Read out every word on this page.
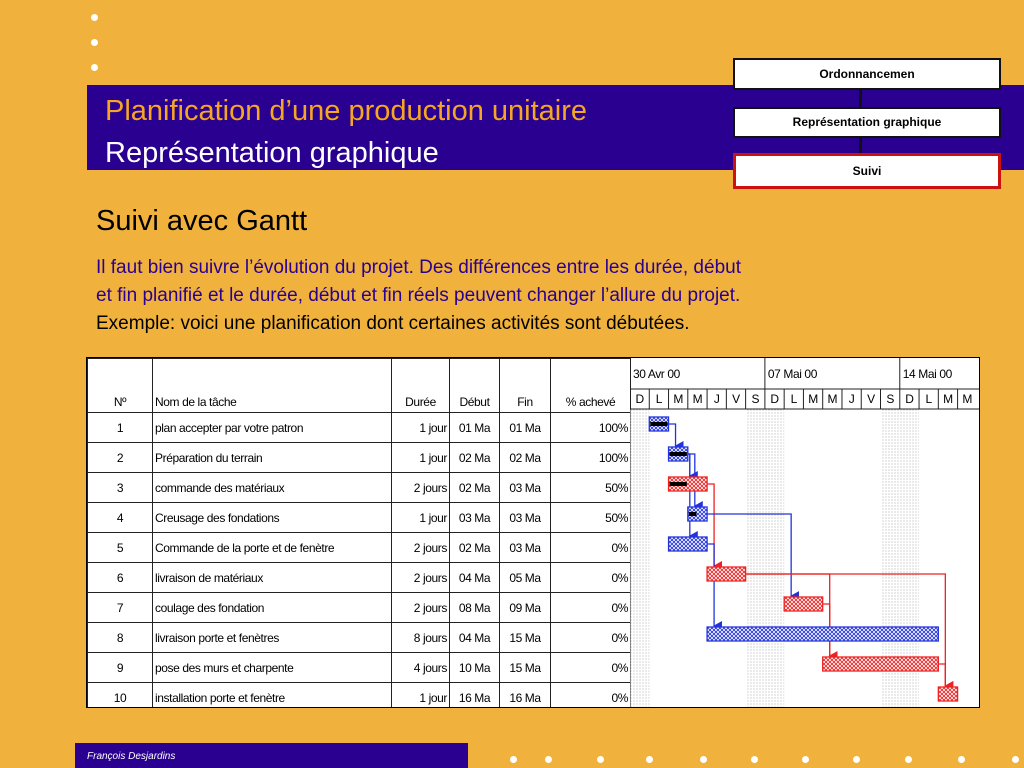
Planification d’une production unitaire
Représentation graphique
Ordonnancemen
Représentation graphique
Suivi
Suivi avec Gantt
Il faut bien suivre l’évolution du projet. Des différences entre les durée, début
et fin planifié et le durée, début et fin réels peuvent changer l’allure du projet.
Exemple: voici une planification dont certaines activités sont débutées.
Nº	Nom de la tâche	Durée	Début	Fin	% achevé
1	plan accepter par votre patron	1 jour	01 Ma	01 Ma	100%
2	Préparation du terrain	1 jour	02 Ma	02 Ma	100%
3	commande des matériaux	2 jours	02 Ma	03 Ma	50%
4	Creusage des fondations	1 jour	03 Ma	03 Ma	50%
5	Commande de la porte et de fenètre	2 jours	02 Ma	03 Ma	0%
6	livraison de matériaux	2 jours	04 Ma	05 Ma	0%
7	coulage des fondation	2 jours	08 Ma	09 Ma	0%
8	livraison porte et fenètres	8 jours	04 Ma	15 Ma	0%
9	pose des murs et charpente	4 jours	10 Ma	15 Ma	0%
10	installation porte et fenètre	1 jour	16 Ma	16 Ma	0%
30 Avr 00	07 Mai 00	14 Mai 00
D L M M J V S D L M M J V S D L M M
François Desjardins
